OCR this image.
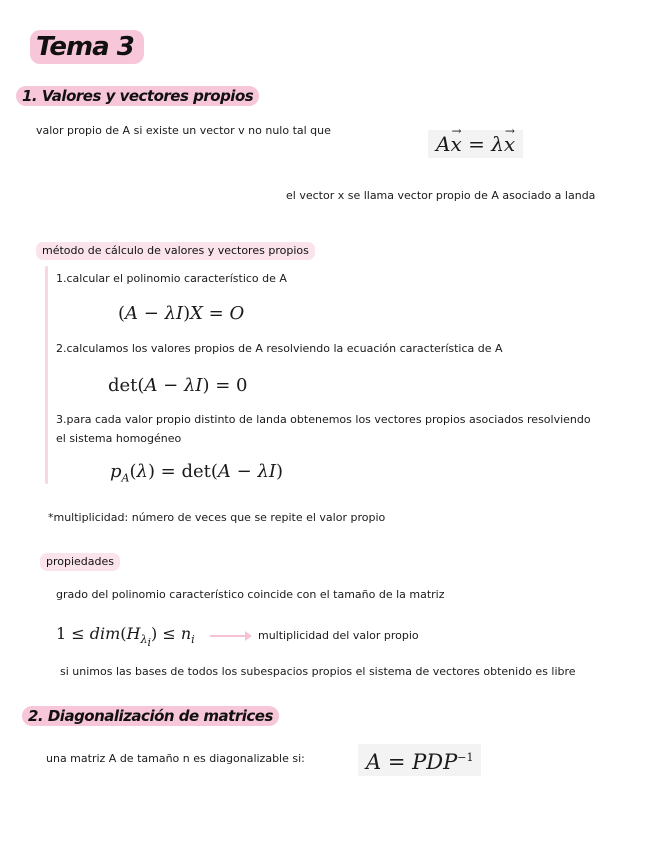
Tema 3
1. Valores y vectores propios
valor propio de A si existe un vector v no nulo tal que
A→ x = λ→ x
el vector x se llama vector propio de A asociado a landa
método de cálculo de valores y vectores propios
1.calcular el polinomio característico de A
(A − λI)X = O
2.calculamos los valores propios de A resolviendo la ecuación característica de A
det(A − λI) = 0
3.para cada valor propio distinto de landa obtenemos los vectores propios asociados resolviendo
el sistema homogéneo
$p_A(\lambda) = \det(A - \lambda I)$
*multiplicidad: número de veces que se repite el valor propio
propiedades
grado del polinomio característico coincide con el tamaño de la matriz
$1 \le dim(H_{\lambda_i}) \le n_i$	multiplicidad del valor propio
si unimos las bases de todos los subespacios propios el sistema de vectores obtenido es libre
2. Diagonalización de matrices
una matriz A de tamaño n es diagonalizable si:	$A = PDP^{-1}$
